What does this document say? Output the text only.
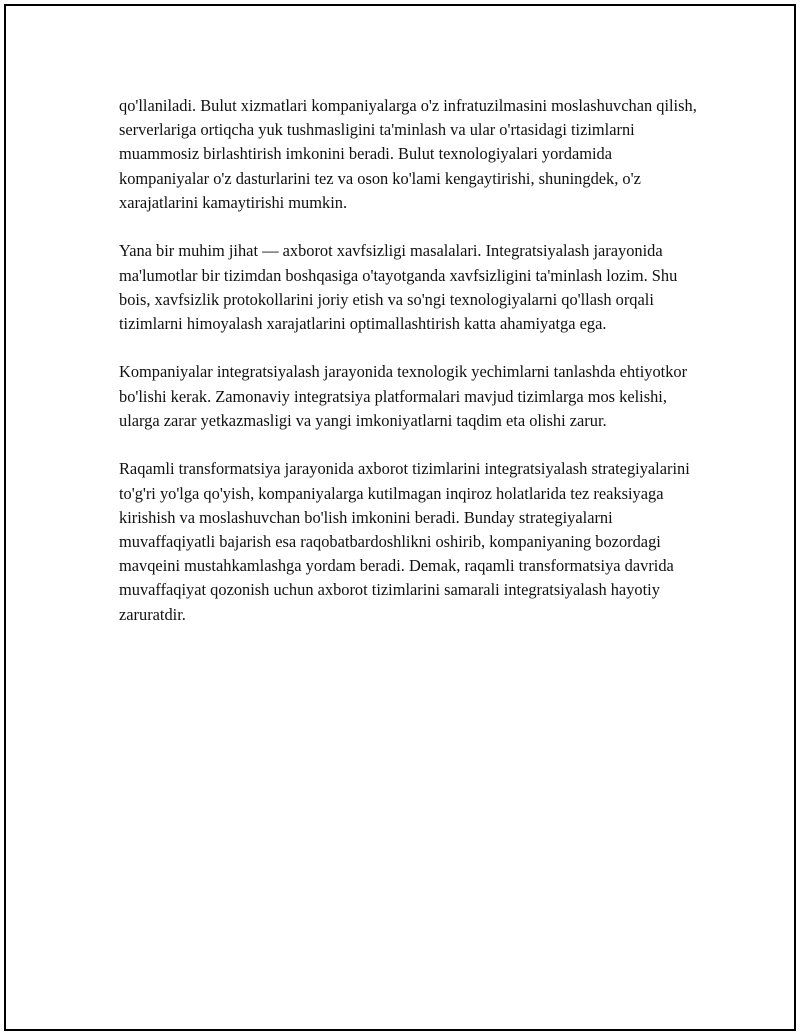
qo'llaniladi. Bulut xizmatlari kompaniyalarga o'z infratuzilmasini moslashuvchan qilish, serverlariga ortiqcha yuk tushmasligini ta'minlash va ular o'rtasidagi tizimlarni muammosiz birlashtirish imkonini beradi. Bulut texnologiyalari yordamida kompaniyalar o'z dasturlarini tez va oson ko'lami kengaytirishi, shuningdek, o'z xarajatlarini kamaytirishi mumkin.

Yana bir muhim jihat — axborot xavfsizligi masalalari. Integratsiyalash jarayonida ma'lumotlar bir tizimdan boshqasiga o'tayotganda xavfsizligini ta'minlash lozim. Shu bois, xavfsizlik protokollarini joriy etish va so'ngi texnologiyalarni qo'llash orqali tizimlarni himoyalash xarajatlarini optimallashtirish katta ahamiyatga ega.

Kompaniyalar integratsiyalash jarayonida texnologik yechimlarni tanlashda ehtiyotkor bo'lishi kerak. Zamonaviy integratsiya platformalari mavjud tizimlarga mos kelishi, ularga zarar yetkazmasligi va yangi imkoniyatlarni taqdim eta olishi zarur.

Raqamli transformatsiya jarayonida axborot tizimlarini integratsiyalash strategiyalarini to'g'ri yo'lga qo'yish, kompaniyalarga kutilmagan inqiroz holatlarida tez reaksiyaga kirishish va moslashuvchan bo'lish imkonini beradi. Bunday strategiyalarni muvaffaqiyatli bajarish esa raqobatbardoshlikni oshirib, kompaniyaning bozordagi mavqeini mustahkamlashga yordam beradi. Demak, raqamli transformatsiya davrida muvaffaqiyat qozonish uchun axborot tizimlarini samarali integratsiyalash hayotiy zaruratdir.
